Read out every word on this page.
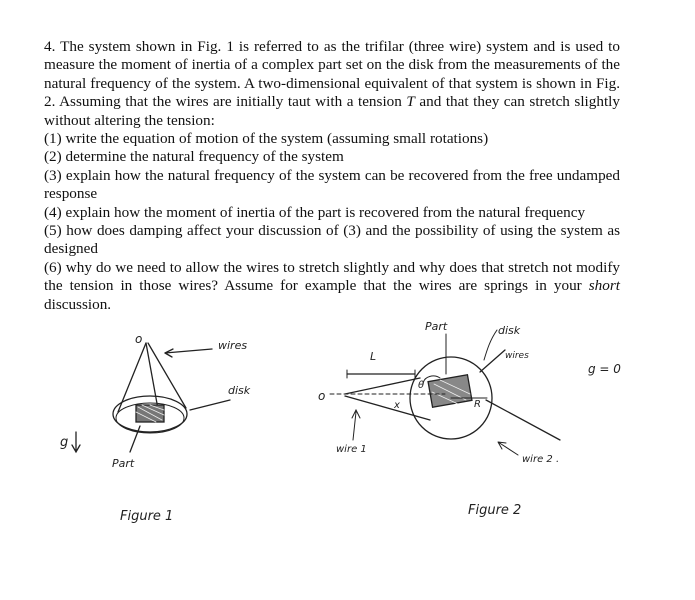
4. The system shown in Fig. 1 is referred to as the trifilar (three wire) system and is used to measure the moment of inertia of a complex part set on the disk from the measurements of the natural frequency of the system. A two-dimensional equivalent of that system is shown in Fig. 2. Assuming that the wires are initially taut with a tension T and that they can stretch slightly without altering the tension:

(1) write the equation of motion of the system (assuming small rotations)
(2) determine the natural frequency of the system
(3) explain how the natural frequency of the system can be recovered from the free undamped response
(4) explain how the moment of inertia of the part is recovered from the natural frequency
(5) how does damping affect your discussion of (3) and the possibility of using the system as designed
(6) why do we need to allow the wires to stretch slightly and why does that stretch not modify the tension in those wires? Assume for example that the wires are springs in your short discussion.
o	wires
disk
Part
g
Figure 1
R
θ
o
L
x
Part	disk
wires
wire 1
wire 2 .
g = 0
Figure 2
